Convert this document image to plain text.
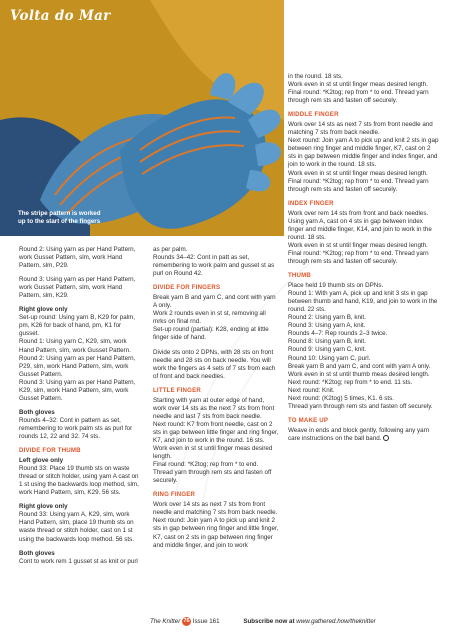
Volta do Mar
The stripe pattern is worked up to the start of the fingers

Round 2: Using yarn as per Hand Pattern, work Gusset Pattern, slm, work Hand Pattern, slm, P29.

Round 3: Using yarn as per Hand Pattern, work Gusset Pattern, slm, work Hand Pattern, slm, K29.

Right glove only

Set-up round: Using yarn B, K29 for palm, pm, K26 for back of hand, pm, K1 for gusset.

Round 1: Using yarn C, K29, slm, work Hand Pattern, slm, work Gusset Pattern.

Round 2: Using yarn as per Hand Pattern, P29, slm, work Hand Pattern, slm, work Gusset Pattern.

Round 3: Using yarn as per Hand Pattern, K29, slm, work Hand Pattern, slm, work Gusset Pattern.

Both gloves

Rounds 4–32: Cont in pattern as set, remembering to work palm sts as purl for rounds 12, 22 and 32. 74 sts.

DIVIDE FOR THUMB

Left glove only

Round 33: Place 19 thumb sts on waste thread or stitch holder, using yarn A cast on 1 st using the backwards loop method, slm, work Hand Pattern, slm, K29. 56 sts.

Right glove only

Round 33: Using yarn A, K29, slm, work Hand Pattern, slm, place 19 thumb sts on waste thread or stitch holder, cast on 1 st using the backwards loop method. 56 sts.

Both gloves

Cont to work rem 1 gusset st as knit or purl

as per palm.

Rounds 34–42: Cont in patt as set, remembering to work palm and gusset st as purl on Round 42.

DIVIDE FOR FINGERS

Break yarn B and yarn C, and cont with yarn A only.

Work 2 rounds even in st st, removing all mrks on final rnd.

Set-up round (partial): K28, ending at little finger side of hand.

Divide sts onto 2 DPNs, with 28 sts on front needle and 28 sts on back needle. You will work the fingers as 4 sets of 7 sts from each of front and back needles.

LITTLE FINGER

Starting with yarn at outer edge of hand, work over 14 sts as the next 7 sts from front needle and last 7 sts from back needle.

Next round: K7 from front needle, cast on 2 sts in gap between little finger and ring finger, K7, and join to work in the round. 16 sts.

Work even in st st until finger meas desired length.

Final round: *K2tog; rep from * to end. Thread yarn through rem sts and fasten off securely.

RING FINGER

Work over 14 sts as next 7 sts from front needle and matching 7 sts from back needle.

Next round: Join yarn A to pick up and knit 2 sts in gap between ring finger and little finger, K7, cast on 2 sts in gap between ring finger and middle finger, and join to work

in the round. 18 sts.

Work even in st st until finger meas desired length.

Final round: *K2tog; rep from * to end. Thread yarn through rem sts and fasten off securely.

MIDDLE FINGER

Work over 14 sts as next 7 sts from front needle and matching 7 sts from back needle.

Next round: Join yarn A to pick up and knit 2 sts in gap between ring finger and middle finger, K7, cast on 2 sts in gap between middle finger and index finger, and join to work in the round. 18 sts.

Work even in st st until finger meas desired length.

Final round: *K2tog; rep from * to end. Thread yarn through rem sts and fasten off securely.

INDEX FINGER

Work over rem 14 sts from front and back needles.

Using yarn A, cast on 4 sts in gap between index finger and middle finger, K14, and join to work in the round. 18 sts.

Work even in st st until finger meas desired length.

Final round: *K2tog; rep from * to end. Thread yarn through rem sts and fasten off securely.

THUMB

Place held 19 thumb sts on DPNs.

Round 1: With yarn A, pick up and knit 3 sts in gap between thumb and hand, K19, and join to work in the round. 22 sts.

Round 2: Using yarn B, knit.

Round 3: Using yarn A, knit.

Rounds 4–7: Rep rounds 2–3 twice.

Round 8: Using yarn B, knit.

Round 9: Using yarn C, knit.

Round 10: Using yarn C, purl.

Break yarn B and yarn C, and cont with yarn A only.

Work even in st st until thumb meas desired length.

Next round: *K2tog; rep from * to end. 11 sts.

Next round: Knit.

Next round: (K2tog) 5 times, K1. 6 sts.

Thread yarn through rem sts and fasten off securely.

TO MAKE UP

Weave in ends and block gently, following any yarn care instructions on the ball band.

The Knitter 76 Issue 161	Subscribe now at www.gathered.how/theknitter
